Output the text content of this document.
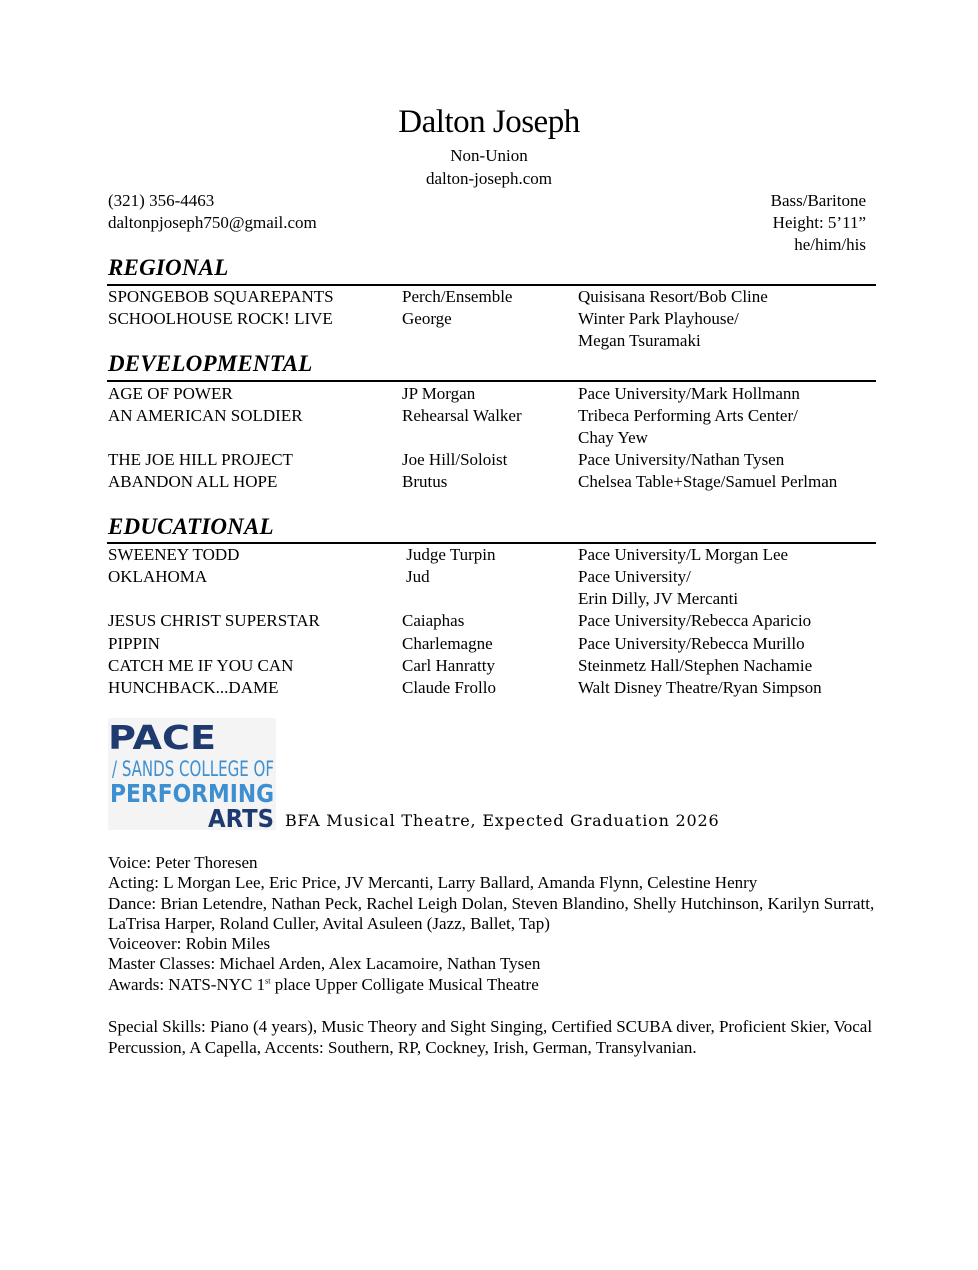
Dalton Joseph
Non-Union
dalton-joseph.com
(321) 356-4463
daltonpjoseph750@gmail.com
Bass/Baritone
Height: 5’11”
he/him/his
REGIONAL
SPONGEBOB SQUAREPANTS	Perch/Ensemble	Quisisana Resort/Bob Cline
SCHOOLHOUSE ROCK! LIVE	George	Winter Park Playhouse/
Megan Tsuramaki
DEVELOPMENTAL
AGE OF POWER	JP Morgan	Pace University/Mark Hollmann
AN AMERICAN SOLDIER	Rehearsal Walker	Tribeca Performing Arts Center/
Chay Yew
THE JOE HILL PROJECT	Joe Hill/Soloist	Pace University/Nathan Tysen
ABANDON ALL HOPE	Brutus	Chelsea Table+Stage/Samuel Perlman
EDUCATIONAL
SWEENEY TODD	Judge Turpin	Pace University/L Morgan Lee
OKLAHOMA	Jud	Pace University/
Erin Dilly, JV Mercanti
JESUS CHRIST SUPERSTAR	Caiaphas	Pace University/Rebecca Aparicio
PIPPIN	Charlemagne	Pace University/Rebecca Murillo
CATCH ME IF YOU CAN	Carl Hanratty	Steinmetz Hall/Stephen Nachamie
HUNCHBACK...DAME	Claude Frollo	Walt Disney Theatre/Ryan Simpson
PACE
/ SANDS COLLEGE OF
PERFORMING
ARTS BFA Musical Theatre, Expected Graduation 2026

Voice: Peter Thoresen

Acting: L Morgan Lee, Eric Price, JV Mercanti, Larry Ballard, Amanda Flynn, Celestine Henry

Dance: Brian Letendre, Nathan Peck, Rachel Leigh Dolan, Steven Blandino, Shelly Hutchinson, Karilyn Surratt, LaTrisa Harper, Roland Culler, Avital Asuleen (Jazz, Ballet, Tap)

Voiceover: Robin Miles

Master Classes: Michael Arden, Alex Lacamoire, Nathan Tysen

Awards: NATS-NYC 1st place Upper Colligate Musical Theatre

Special Skills: Piano (4 years), Music Theory and Sight Singing, Certified SCUBA diver, Proficient Skier, Vocal Percussion, A Capella, Accents: Southern, RP, Cockney, Irish, German, Transylvanian.
